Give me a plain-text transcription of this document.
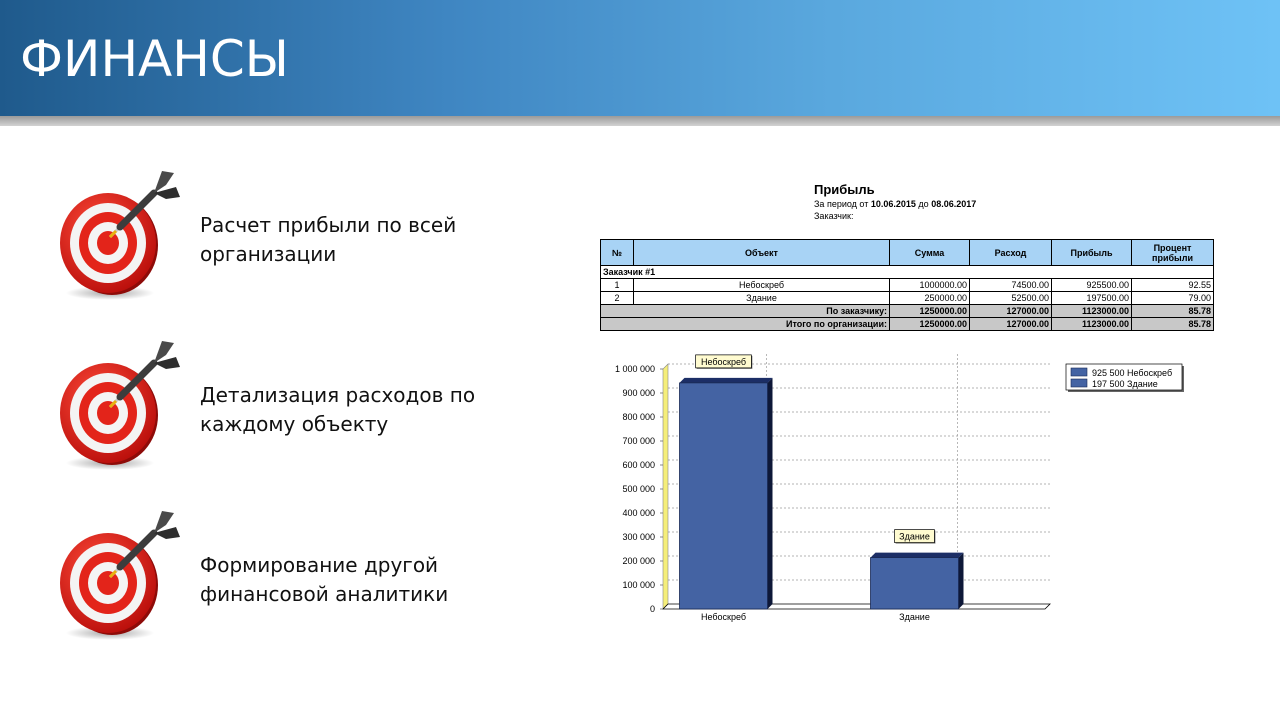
ФИНАНСЫ
Расчет прибыли по всей
организации
Детализация расходов по
каждому объекту
Формирование другой
финансовой аналитики
Прибыль
За период от 10.06.2015 до 08.06.2017
Заказчик:
№	Объект	Сумма	Расход	Прибыль	Процент прибыли
Заказчик #1					
1	Небоскреб	1000000.00	74500.00	925500.00	92.55
2	Здание	250000.00	52500.00	197500.00	79.00
По заказчику:		1250000.00	127000.00	1123000.00	85.78
Итого по организации:		1250000.00	127000.00	1123000.00	85.78
0
100 000
200 000
300 000
400 000
500 000
600 000
700 000
800 000
900 000
1 000 000
Небоскреб	Здание
Небоскреб
Здание
925 500 Небоскреб
197 500 Здание
